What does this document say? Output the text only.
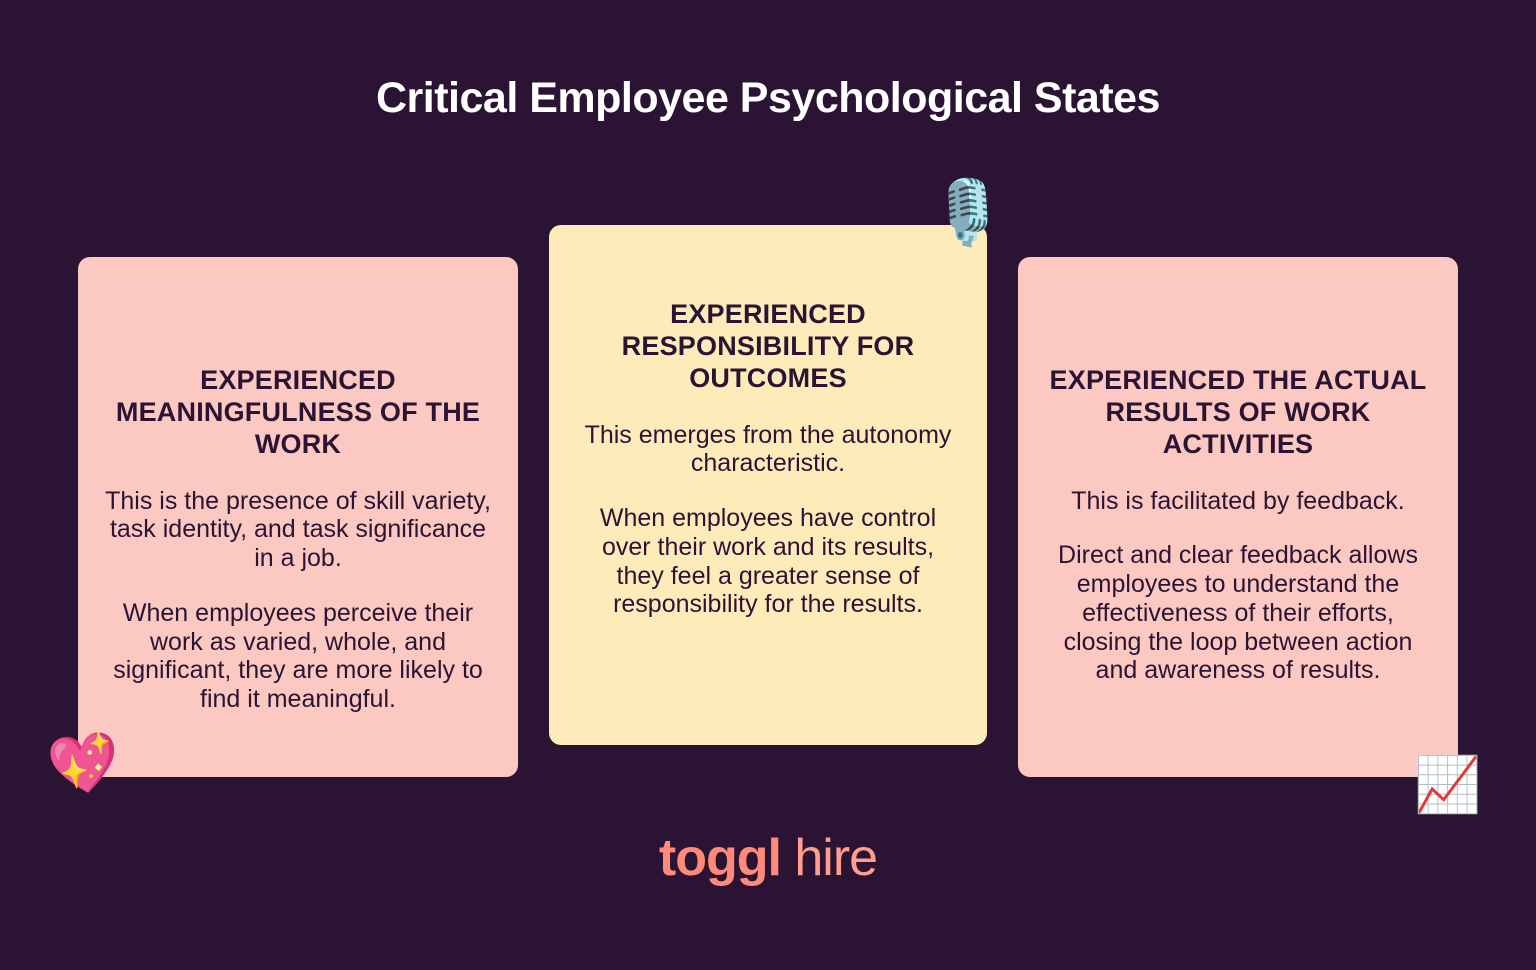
Critical Employee Psychological States
EXPERIENCED MEANINGFULNESS OF THE WORK
This is the presence of skill variety, task identity, and task significance in a job.
When employees perceive their work as varied, whole, and significant, they are more likely to find it meaningful.
EXPERIENCED RESPONSIBILITY FOR OUTCOMES
This emerges from the autonomy characteristic.
When employees have control over their work and its results, they feel a greater sense of responsibility for the results.
EXPERIENCED THE ACTUAL RESULTS OF WORK ACTIVITIES
This is facilitated by feedback.
Direct and clear feedback allows employees to understand the effectiveness of their efforts, closing the loop between action and awareness of results.
💖
🎙️
📈
toggl hire
